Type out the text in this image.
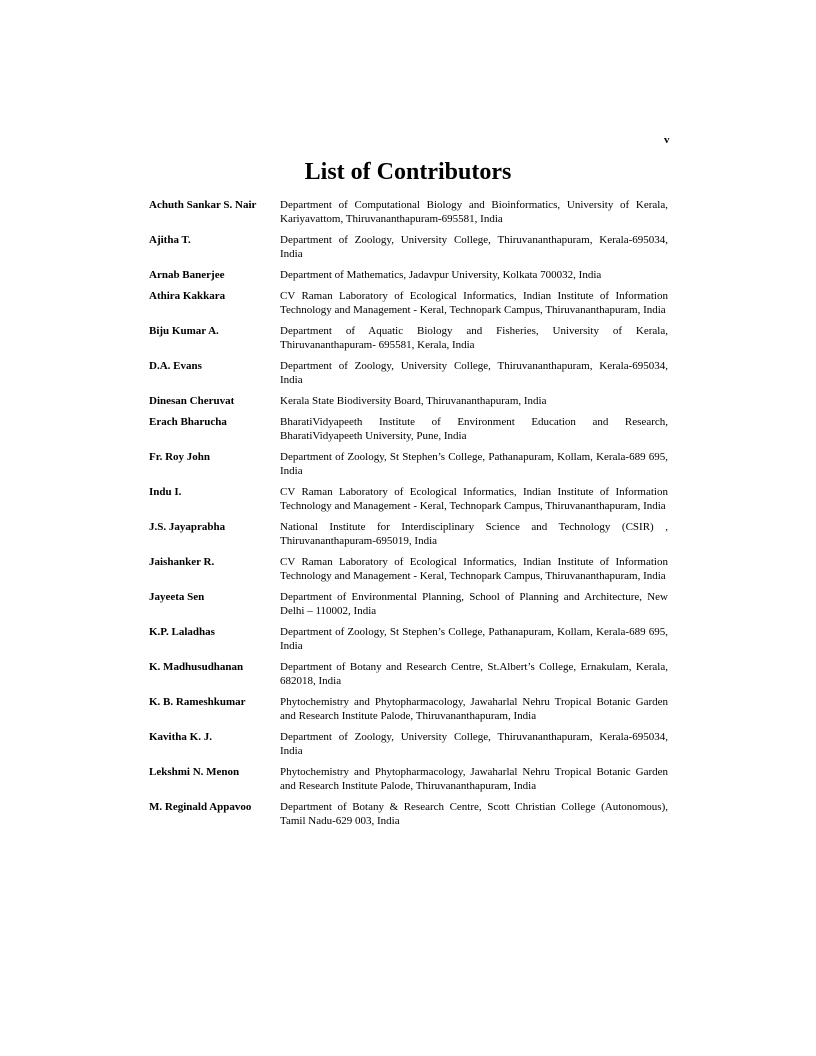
v
List of Contributors
Achuth Sankar S. Nair	Department of Computational Biology and Bioinformatics, University of Kerala, Kariyavattom, Thiruvananthapuram-695581, India
Ajitha T.	Department of Zoology, University College, Thiruvananthapuram, Kerala-695034, India
Arnab Banerjee	Department of Mathematics, Jadavpur University, Kolkata 700032, India
Athira Kakkara	CV Raman Laboratory of Ecological Informatics, Indian Institute of Information Technology and Management - Keral, Technopark Campus, Thiruvananthapuram, India
Biju Kumar A.	Department of Aquatic Biology and Fisheries, University of Kerala, Thiruvananthapuram- 695581, Kerala, India
D.A. Evans	Department of Zoology, University College, Thiruvananthapuram, Kerala-695034, India
Dinesan Cheruvat	Kerala State Biodiversity Board, Thiruvananthapuram, India
Erach Bharucha	BharatiVidyapeeth Institute of Environment Education and Research, BharatiVidyapeeth University, Pune, India
Fr. Roy John	Department of Zoology, St Stephen’s College, Pathanapuram, Kollam, Kerala-689 695, India
Indu I.	CV Raman Laboratory of Ecological Informatics, Indian Institute of Information Technology and Management - Keral, Technopark Campus, Thiruvananthapuram, India
J.S. Jayaprabha	National Institute for Interdisciplinary Science and Technology (CSIR) , Thiruvananthapuram-695019, India
Jaishanker R.	CV Raman Laboratory of Ecological Informatics, Indian Institute of Information Technology and Management - Keral, Technopark Campus, Thiruvananthapuram, India
Jayeeta Sen	Department of Environmental Planning, School of Planning and Architecture, New Delhi – 110002, India
K.P. Laladhas	Department of Zoology, St Stephen’s College, Pathanapuram, Kollam, Kerala-689 695, India
K. Madhusudhanan	Department of Botany and Research Centre, St.Albert’s College, Ernakulam, Kerala, 682018, India
K. B. Rameshkumar	Phytochemistry and Phytopharmacology, Jawaharlal Nehru Tropical Botanic Garden and Research Institute Palode, Thiruvananthapuram, India
Kavitha K. J.	Department of Zoology, University College, Thiruvananthapuram, Kerala-695034, India
Lekshmi N. Menon	Phytochemistry and Phytopharmacology, Jawaharlal Nehru Tropical Botanic Garden and Research Institute Palode, Thiruvananthapuram, India
M. Reginald Appavoo	Department of Botany & Research Centre, Scott Christian College (Autonomous), Tamil Nadu-629 003, India
